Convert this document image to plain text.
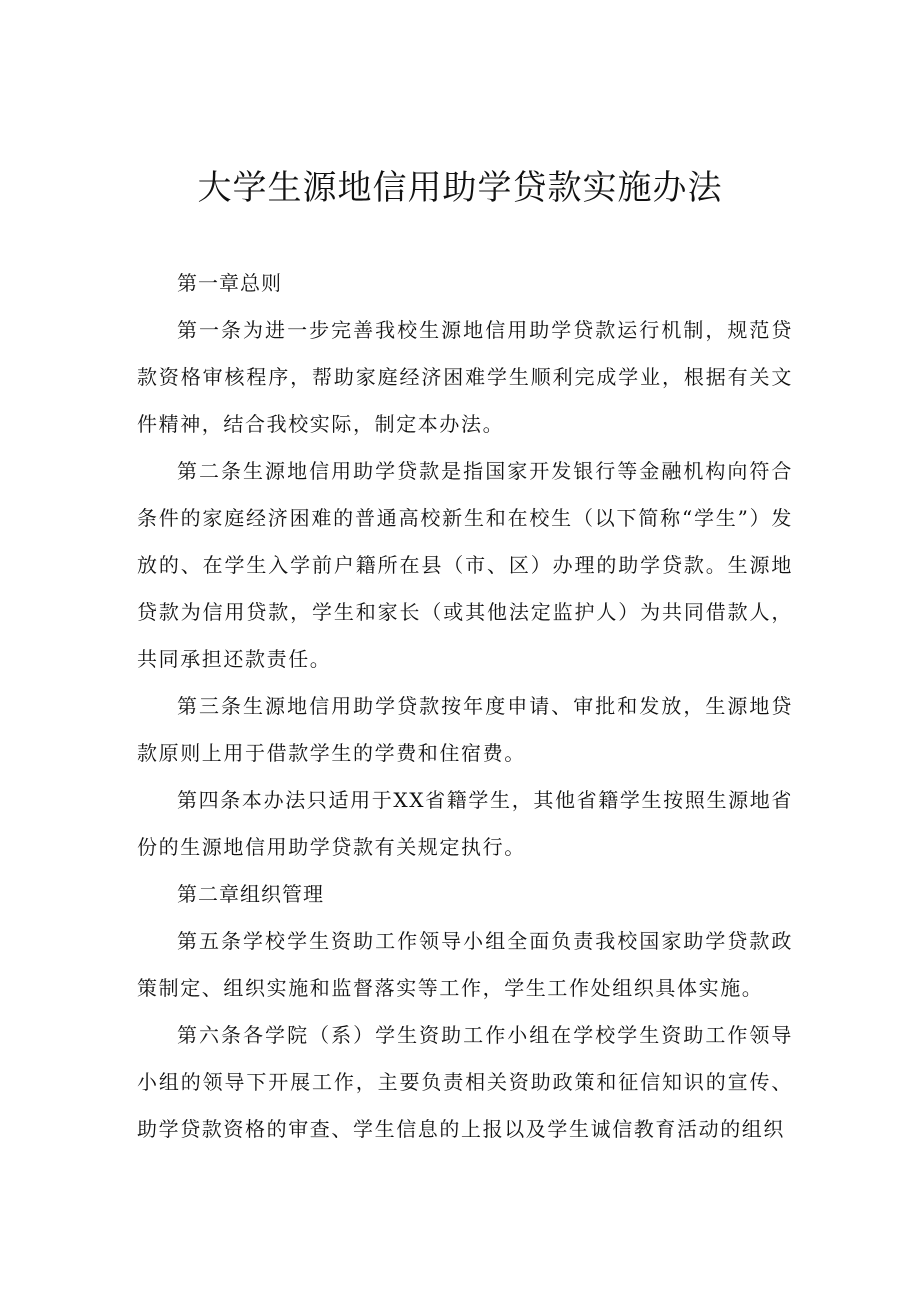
大学生源地信用助学贷款实施办法

第一章总则

第一条为进一步完善我校生源地信用助学贷款运行机制，规范贷款资格审核程序，帮助家庭经济困难学生顺利完成学业，根据有关文件精神，结合我校实际，制定本办法。

第二条生源地信用助学贷款是指国家开发银行等金融机构向符合条件的家庭经济困难的普通高校新生和在校生（以下简称“学生”）发放的、在学生入学前户籍所在县（市、区）办理的助学贷款。生源地贷款为信用贷款，学生和家长（或其他法定监护人）为共同借款人，共同承担还款责任。

第三条生源地信用助学贷款按年度申请、审批和发放，生源地贷款原则上用于借款学生的学费和住宿费。

第四条本办法只适用于XX省籍学生，其他省籍学生按照生源地省份的生源地信用助学贷款有关规定执行。

第二章组织管理

第五条学校学生资助工作领导小组全面负责我校国家助学贷款政策制定、组织实施和监督落实等工作，学生工作处组织具体实施。

第六条各学院（系）学生资助工作小组在学校学生资助工作领导小组的领导下开展工作，主要负责相关资助政策和征信知识的宣传、助学贷款资格的审查、学生信息的上报以及学生诚信教育活动的组织
